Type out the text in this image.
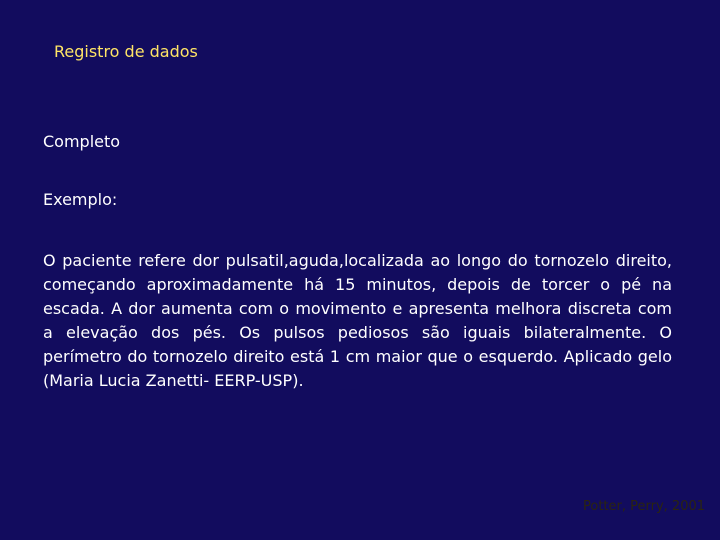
Registro de dados
Completo
Exemplo:
O paciente refere dor pulsatil,aguda,localizada ao longo do tornozelo direito, começando aproximadamente há 15 minutos, depois de torcer o pé na escada. A dor aumenta com o movimento e apresenta melhora discreta com a elevação dos pés. Os pulsos pediosos são iguais bilateralmente. O perímetro do tornozelo direito está 1 cm maior que o esquerdo. Aplicado gelo (Maria Lucia Zanetti- EERP-USP).
Potter, Perry, 2001
